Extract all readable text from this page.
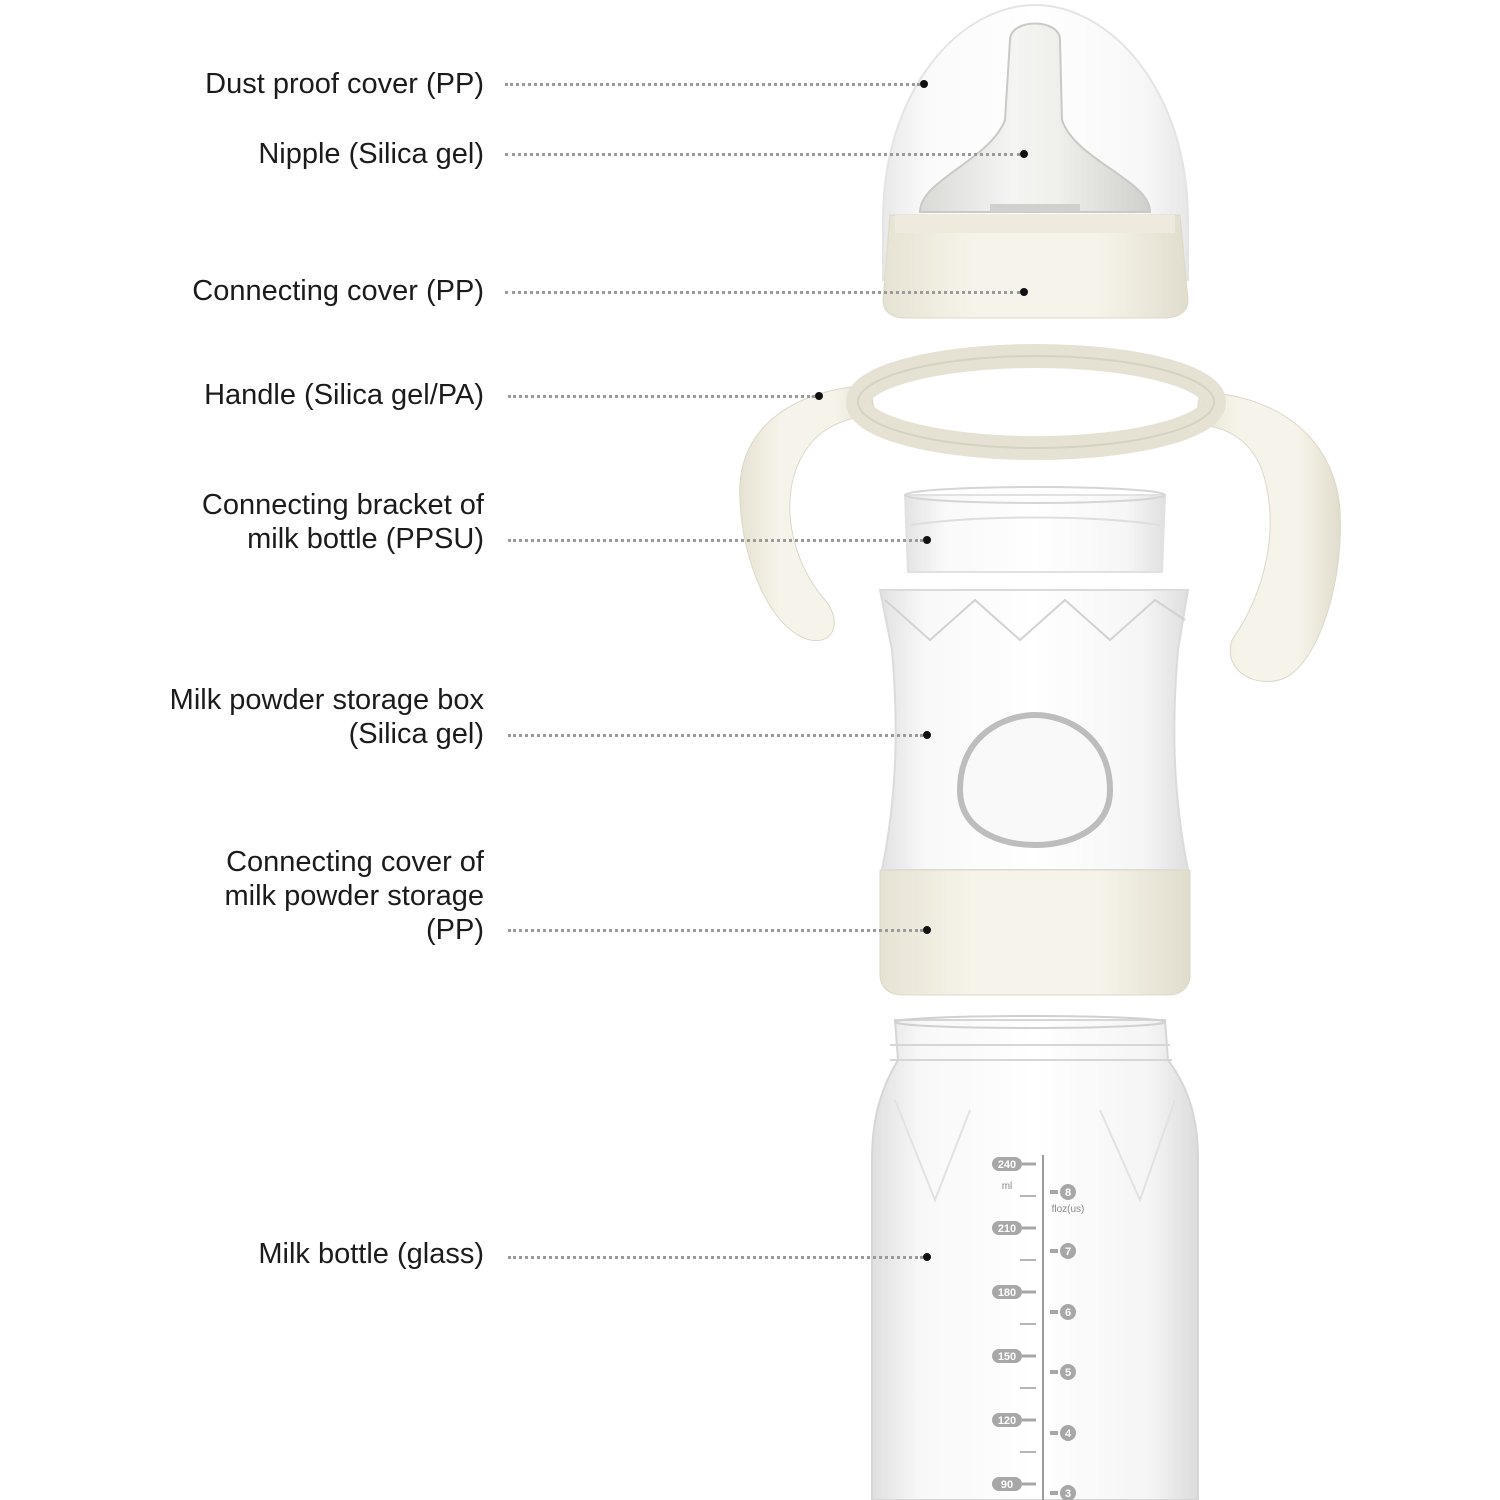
240
210
180
150
120
90
ml
8
7
6
5
4
3
floz(us)
Dust proof cover (PP)
Nipple (Silica gel)
Connecting cover (PP)
Handle (Silica gel/PA)
Connecting bracket of
milk bottle (PPSU)
Milk powder storage box
(Silica gel)
Connecting cover of
milk powder storage
(PP)
Milk bottle (glass)
